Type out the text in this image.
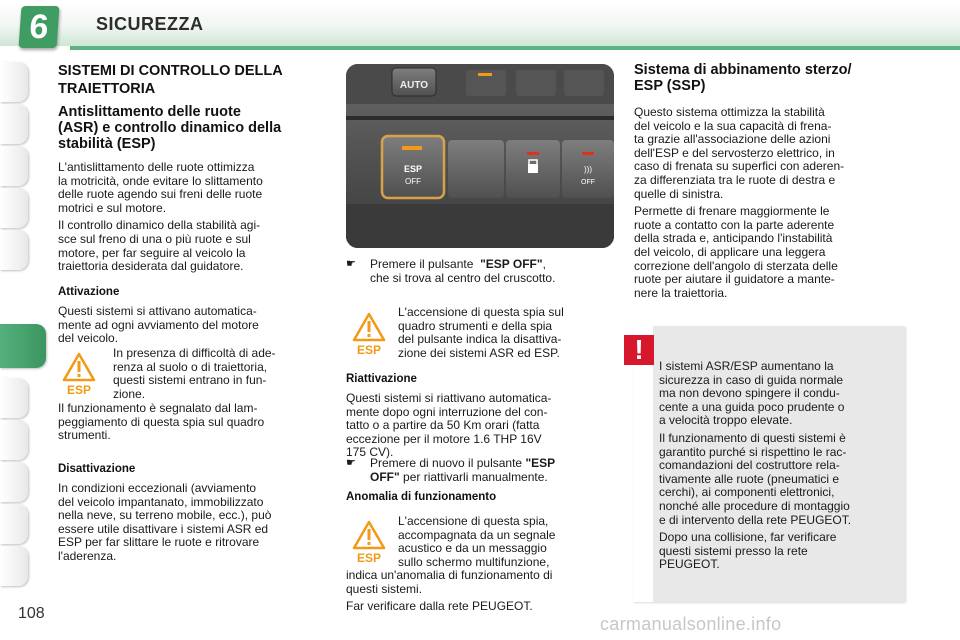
6	SICUREZZA
SISTEMI DI CONTROLLO DELLA
TRAIETTORIA
Antislittamento delle ruote
(ASR) e controllo dinamico della
stabilità (ESP)
L'antislittamento delle ruote ottimizza
la motricità, onde evitare lo slittamento
delle ruote agendo sui freni delle ruote
motrici e sul motore.
Il controllo dinamico della stabilità agi-
sce sul freno di una o più ruote e sul
motore, per far seguire al veicolo la
traiettoria desiderata dal guidatore.
Attivazione
Questi sistemi si attivano automatica-
mente ad ogni avviamento del motore
del veicolo.
ESP
In presenza di difficoltà di ade-
renza al suolo o di traiettoria,
questi sistemi entrano in fun-
zione.
Il funzionamento è segnalato dal lam-
peggiamento di questa spia sul quadro
strumenti.
Disattivazione
In condizioni eccezionali (avviamento
del veicolo impantanato, immobilizzato
nella neve, su terreno mobile, ecc.), può
essere utile disattivare i sistemi ASR ed
ESP per far slittare le ruote e ritrovare
l'aderenza.
AUTO
ESP
OFF
)))
OFF
☛ Premere il pulsante "ESP OFF",
che si trova al centro del cruscotto.
ESP
L'accensione di questa spia sul
quadro strumenti e della spia
del pulsante indica la disattiva-
zione dei sistemi ASR ed ESP.
Riattivazione
Questi sistemi si riattivano automatica-
mente dopo ogni interruzione del con-
tatto o a partire da 50 Km orari (fatta
eccezione per il motore 1.6 THP 16V
175 CV).
☛ Premere di nuovo il pulsante "ESP
OFF" per riattivarli manualmente.
Anomalia di funzionamento
ESP
L'accensione di questa spia,
accompagnata da un segnale
acustico e da un messaggio
sullo schermo multifunzione,
indica un'anomalia di funzionamento di
questi sistemi.
Far verificare dalla rete PEUGEOT.
Sistema di abbinamento sterzo/
ESP (SSP)
Questo sistema ottimizza la stabilità
del veicolo e la sua capacità di frena-
ta grazie all'associazione delle azioni
dell'ESP e del servosterzo elettrico, in
caso di frenata su superfici con aderen-
za differenziata tra le ruote di destra e
quelle di sinistra.
Permette di frenare maggiormente le
ruote a contatto con la parte aderente
della strada e, anticipando l'instabilità
del veicolo, di applicare una leggera
correzione dell'angolo di sterzata delle
ruote per aiutare il guidatore a mante-
nere la traiettoria.
!
I sistemi ASR/ESP aumentano la
sicurezza in caso di guida normale
ma non devono spingere il condu-
cente a una guida poco prudente o
a velocità troppo elevate.
Il funzionamento di questi sistemi è
garantito purché si rispettino le rac-
comandazioni del costruttore rela-
tivamente alle ruote (pneumatici e
cerchi), ai componenti elettronici,
nonché alle procedure di montaggio
e di intervento della rete PEUGEOT.
Dopo una collisione, far verificare
questi sistemi presso la rete
PEUGEOT.
108
carmanualsonline.info
